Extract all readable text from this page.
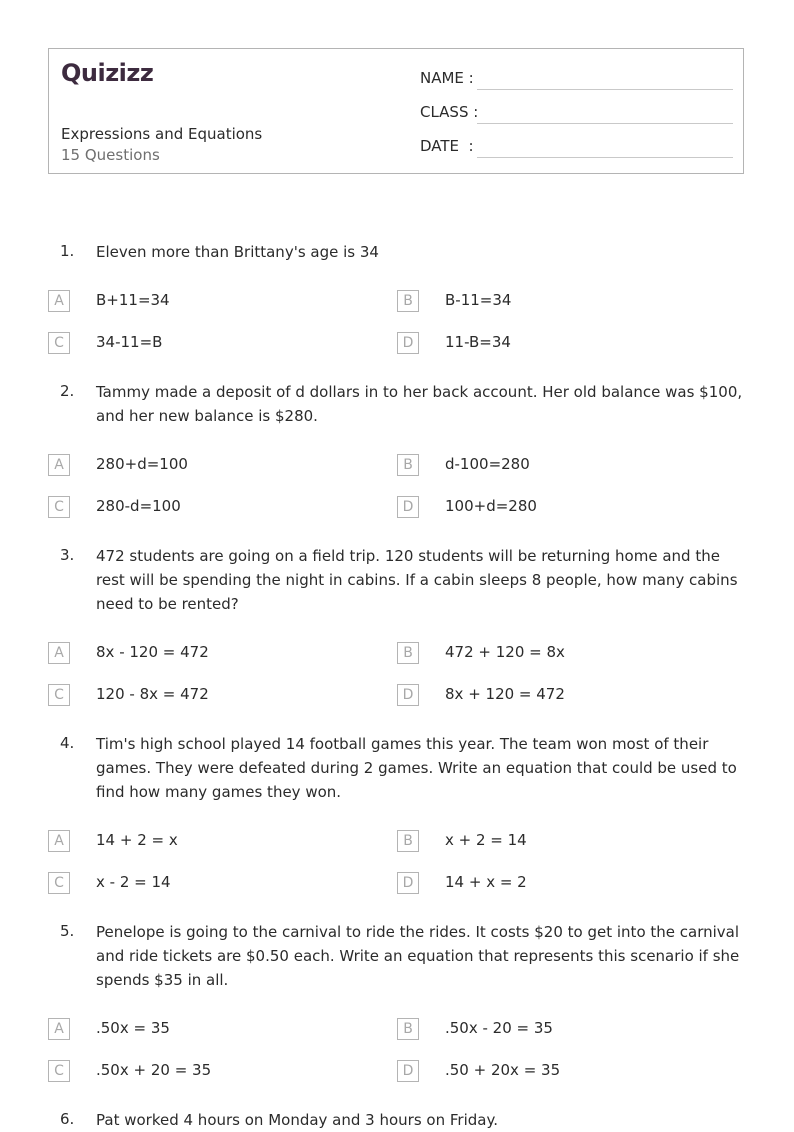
Quizizz
Expressions and Equations
15 Questions
NAME :
CLASS :
DATE  :
1. Eleven more than Brittany's age is 34
A	B+11=34	B	B-11=34
C	34-11=B	D	11-B=34
2. Tammy made a deposit of d dollars in to her back account. Her old balance was $100, and her new balance is $280.
A	280+d=100	B	d-100=280
C	280-d=100	D	100+d=280
3. 472 students are going on a field trip. 120 students will be returning home and the rest will be spending the night in cabins. If a cabin sleeps 8 people, how many cabins need to be rented?
A	8x - 120 = 472	B	472 + 120 = 8x
C	120 - 8x = 472	D	8x + 120 = 472
4. Tim's high school played 14 football games this year. The team won most of their games. They were defeated during 2 games. Write an equation that could be used to find how many games they won.
A	14 + 2 = x	B	x + 2 = 14
C	x - 2 = 14	D	14 + x = 2
5. Penelope is going to the carnival to ride the rides. It costs $20 to get into the carnival and ride tickets are $0.50 each. Write an equation that represents this scenario if she spends $35 in all.
A	.50x = 35	B	.50x - 20 = 35
C	.50x + 20 = 35	D	.50 + 20x = 35
6. Pat worked 4 hours on Monday and 3 hours on Friday.
